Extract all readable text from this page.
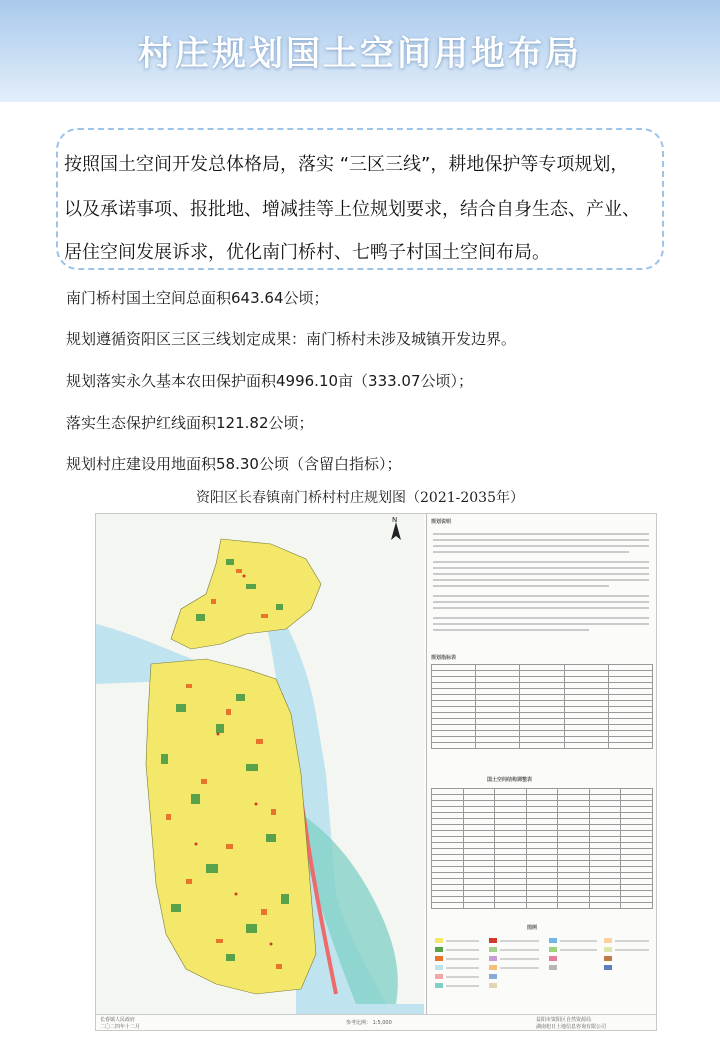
村庄规划国土空间用地布局
按照国土空间开发总体格局，落实 “三区三线”，耕地保护等专项规划，
以及承诺事项、报批地、增减挂等上位规划要求，结合自身生态、产业、
居住空间发展诉求，优化南门桥村、七鸭子村国土空间布局。
南门桥村国土空间总面积643.64公顷；
规划遵循资阳区三区三线划定成果：南门桥村未涉及城镇开发边界。
规划落实永久基本农田保护面积4996.10亩（333.07公顷）；
落实生态保护红线面积121.82公顷；
规划村庄建设用地面积58.30公顷（含留白指标）；
资阳区长春镇南门桥村村庄规划图（2021-2035年）
N	规划说明
规划指标表

国土空间结构调整表

图例
长春镇人民政府
二〇二四年十二月
参考比例： 1:5,000	益阳市资阳区自然资源局
湖南旭日土地信息咨询有限公司
